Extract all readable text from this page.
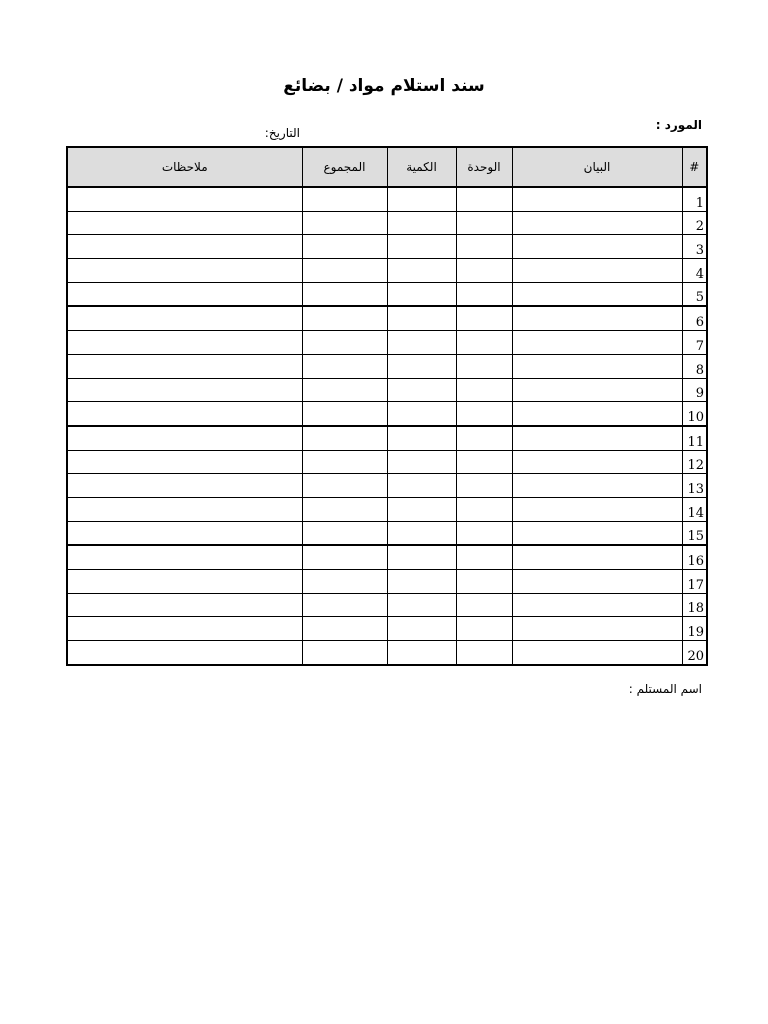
سند استلام مواد / بضائع
المورد :
التاريخ:
#	البيان	الوحدة	الكمية	المجموع	ملاحظات
1					
2					
3					
4					
5					
6					
7					
8					
9					
10					
11					
12					
13					
14					
15					
16					
17					
18					
19					
20					
اسم المستلم :
